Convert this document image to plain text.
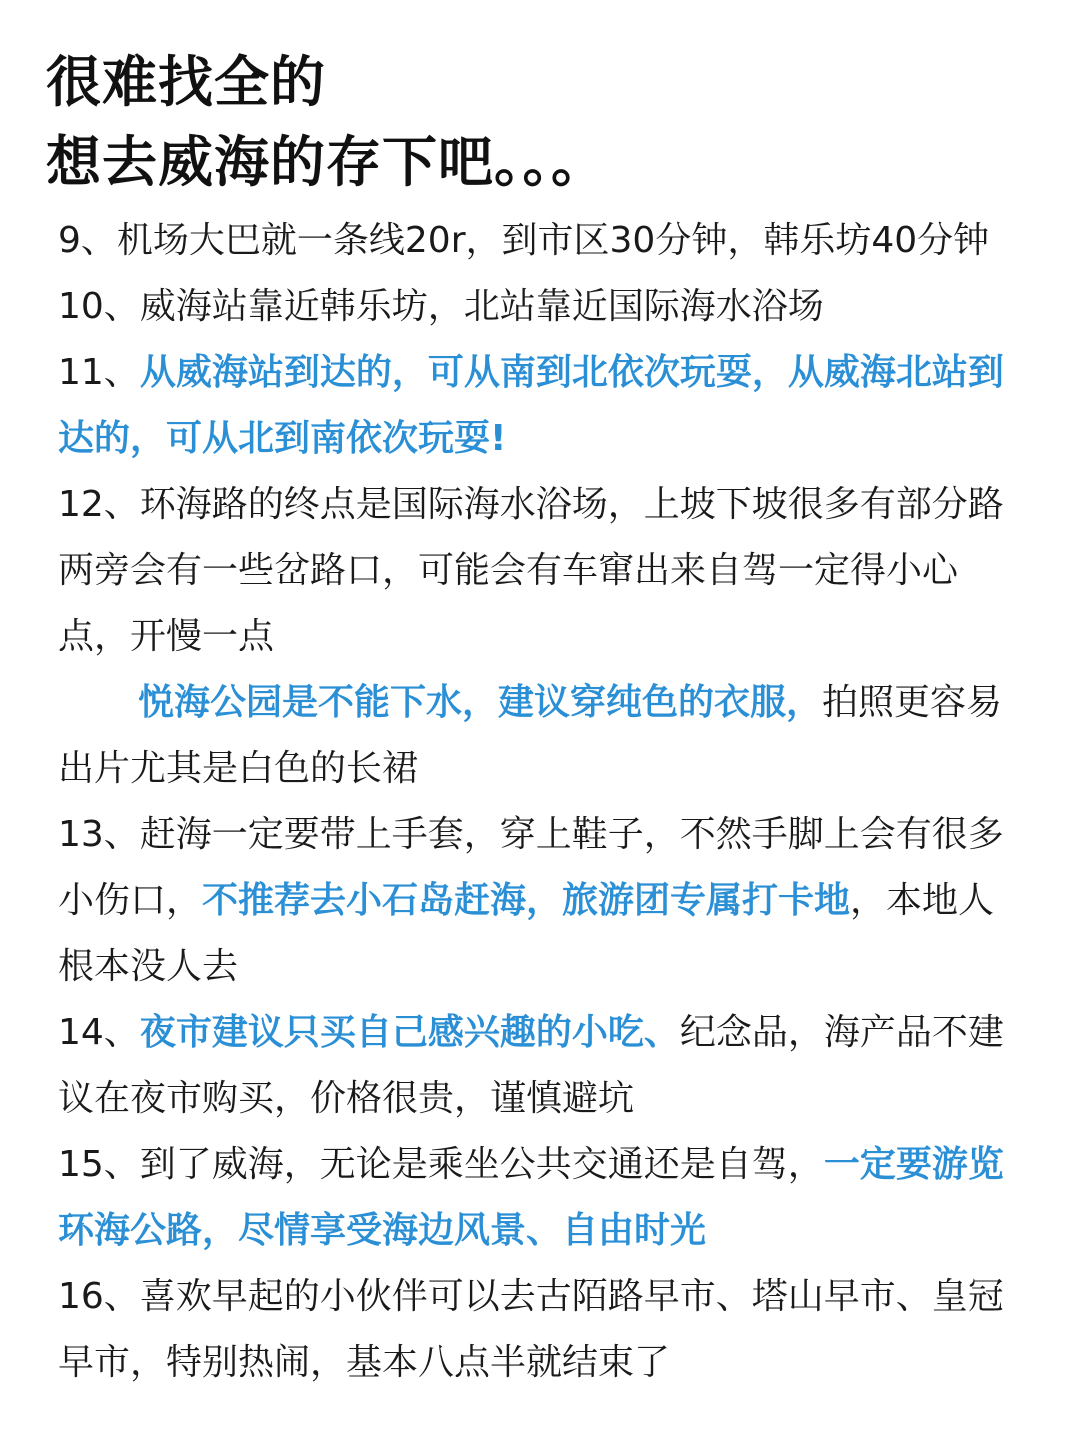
很难找全的
想去威海的存下吧。。。

9、机场大巴就一条线20r，到市区30分钟，韩乐坊40分钟

10、威海站靠近韩乐坊，北站靠近国际海水浴场

11、从威海站到达的，可从南到北依次玩耍，从威海北站到达的，可从北到南依次玩耍!

12、环海路的终点是国际海水浴场，上坡下坡很多有部分路两旁会有一些岔路口，可能会有车窜出来自驾一定得小心点，开慢一点

悦海公园是不能下水，建议穿纯色的衣服，拍照更容易出片尤其是白色的长裙

13、赶海一定要带上手套，穿上鞋子，不然手脚上会有很多小伤口，不推荐去小石岛赶海，旅游团专属打卡地，本地人根本没人去

14、夜市建议只买自己感兴趣的小吃、纪念品，海产品不建议在夜市购买，价格很贵，谨慎避坑

15、到了威海，无论是乘坐公共交通还是自驾，一定要游览环海公路，尽情享受海边风景、自由时光

16、喜欢早起的小伙伴可以去古陌路早市、塔山早市、皇冠早市，特别热闹，基本八点半就结束了
